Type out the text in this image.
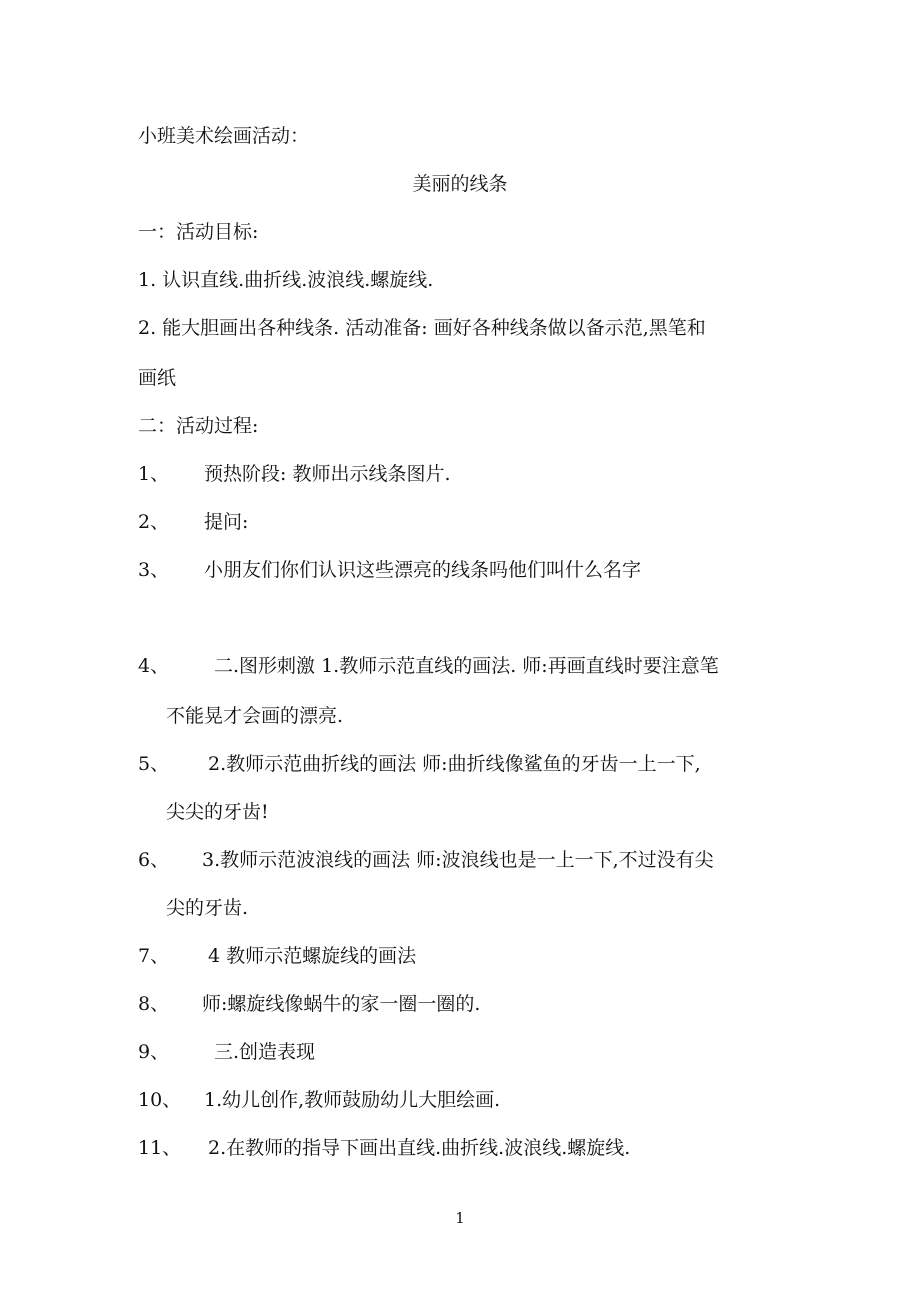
小班美术绘画活动：
美丽的线条
一：活动目标:
1. 认识直线.曲折线.波浪线.螺旋线.
2. 能大胆画出各种线条. 活动准备: 画好各种线条做以备示范,黑笔和
画纸
二：活动过程:
1、 预热阶段: 教师出示线条图片.
2、 提问:
3、 小朋友们你们认识这些漂亮的线条吗他们叫什么名字
4、 二.图形刺激 1.教师示范直线的画法. 师:再画直线时要注意笔
不能晃才会画的漂亮.
5、 2.教师示范曲折线的画法 师:曲折线像鲨鱼的牙齿一上一下,
尖尖的牙齿!
6、 3.教师示范波浪线的画法 师:波浪线也是一上一下,不过没有尖
尖的牙齿.
7、 4 教师示范螺旋线的画法
8、 师:螺旋线像蜗牛的家一圈一圈的.
9、 三.创造表现
10、 1.幼儿创作,教师鼓励幼儿大胆绘画.
11、 2.在教师的指导下画出直线.曲折线.波浪线.螺旋线.
1
